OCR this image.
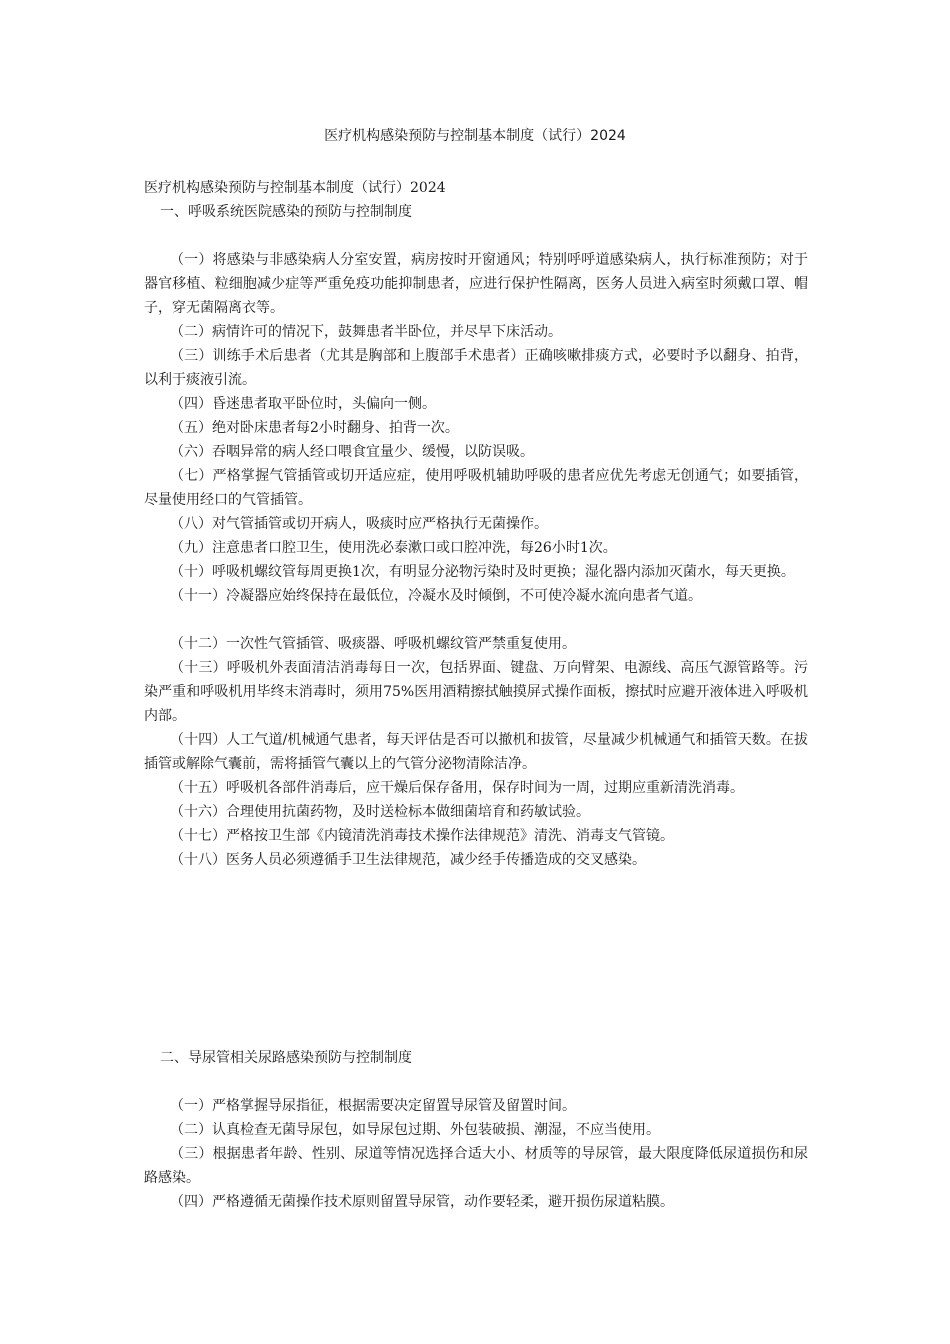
医疗机构感染预防与控制基本制度（试行）2024

医疗机构感染预防与控制基本制度（试行）2024

一、呼吸系统医院感染的预防与控制制度

（一）将感染与非感染病人分室安置，病房按时开窗通风；特别呼呼道感染病人，执行标准预防；对于器官移植、粒细胞减少症等严重免疫功能抑制患者，应进行保护性隔离，医务人员进入病室时须戴口罩、帽子，穿无菌隔离衣等。

（二）病情许可的情况下，鼓舞患者半卧位，并尽早下床活动。

（三）训练手术后患者（尤其是胸部和上腹部手术患者）正确咳嗽排痰方式，必要时予以翻身、拍背，以利于痰液引流。

（四）昏迷患者取平卧位时，头偏向一侧。

（五）绝对卧床患者每2小时翻身、拍背一次。

（六）吞咽异常的病人经口喂食宜量少、缓慢，以防误吸。

（七）严格掌握气管插管或切开适应症，使用呼吸机辅助呼吸的患者应优先考虑无创通气；如要插管，尽量使用经口的气管插管。

（八）对气管插管或切开病人，吸痰时应严格执行无菌操作。

（九）注意患者口腔卫生，使用洗必泰漱口或口腔冲洗，每26小时1次。

（十）呼吸机螺纹管每周更换1次，有明显分泌物污染时及时更换；湿化器内添加灭菌水，每天更换。

（十一）冷凝器应始终保持在最低位，冷凝水及时倾倒，不可使冷凝水流向患者气道。

（十二）一次性气管插管、吸痰器、呼吸机螺纹管严禁重复使用。

（十三）呼吸机外表面清洁消毒每日一次，包括界面、键盘、万向臂架、电源线、高压气源管路等。污染严重和呼吸机用毕终末消毒时，须用75%医用酒精擦拭触摸屏式操作面板，擦拭时应避开液体进入呼吸机内部。

（十四）人工气道/机械通气患者，每天评估是否可以撤机和拔管，尽量减少机械通气和插管天数。在拔插管或解除气囊前，需将插管气囊以上的气管分泌物清除洁净。

（十五）呼吸机各部件消毒后，应干燥后保存备用，保存时间为一周，过期应重新清洗消毒。

（十六）合理使用抗菌药物，及时送检标本做细菌培育和药敏试验。

（十七）严格按卫生部《内镜清洗消毒技术操作法律规范》清洗、消毒支气管镜。

（十八）医务人员必须遵循手卫生法律规范，减少经手传播造成的交叉感染。

二、导尿管相关尿路感染预防与控制制度

（一）严格掌握导尿指征，根据需要决定留置导尿管及留置时间。

（二）认真检查无菌导尿包，如导尿包过期、外包装破损、潮湿，不应当使用。

（三）根据患者年龄、性别、尿道等情况选择合适大小、材质等的导尿管，最大限度降低尿道损伤和尿路感染。

（四）严格遵循无菌操作技术原则留置导尿管，动作要轻柔，避开损伤尿道粘膜。
